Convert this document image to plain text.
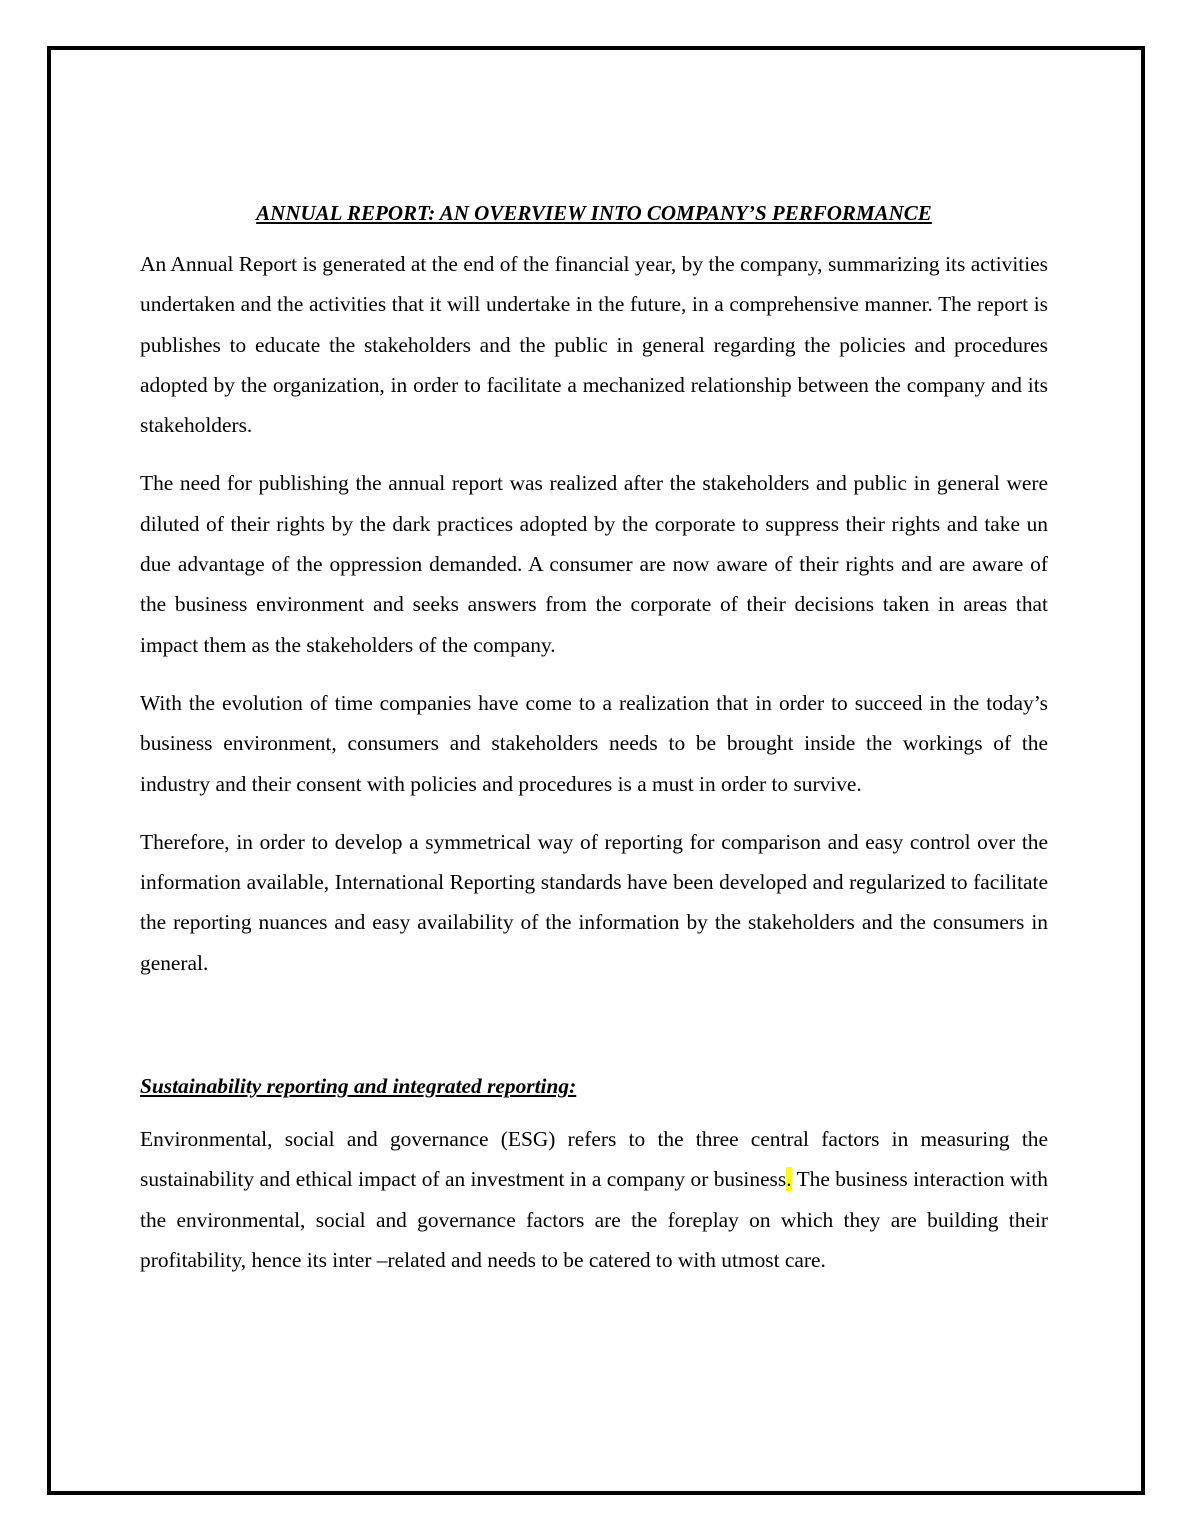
ANNUAL REPORT: AN OVERVIEW INTO COMPANY’S PERFORMANCE

An Annual Report is generated at the end of the financial year, by the company, summarizing its activities undertaken and the activities that it will undertake in the future, in a comprehensive manner. The report is publishes to educate the stakeholders and the public in general regarding the policies and procedures adopted by the organization, in order to facilitate a mechanized relationship between the company and its stakeholders.

The need for publishing the annual report was realized after the stakeholders and public in general were diluted of their rights by the dark practices adopted by the corporate to suppress their rights and take un due advantage of the oppression demanded. A consumer are now aware of their rights and are aware of the business environment and seeks answers from the corporate of their decisions taken in areas that impact them as the stakeholders of the company.

With the evolution of time companies have come to a realization that in order to succeed in the today’s business environment, consumers and stakeholders needs to be brought inside the workings of the industry and their consent with policies and procedures is a must in order to survive.

Therefore, in order to develop a symmetrical way of reporting for comparison and easy control over the information available, International Reporting standards have been developed and regularized to facilitate the reporting nuances and easy availability of the information by the stakeholders and the consumers in general.

Sustainability reporting and integrated reporting:

Environmental, social and governance (ESG) refers to the three central factors in measuring the sustainability and ethical impact of an investment in a company or business. The business interaction with the environmental, social and governance factors are the foreplay on which they are building their profitability, hence its inter –related and needs to be catered to with utmost care.
